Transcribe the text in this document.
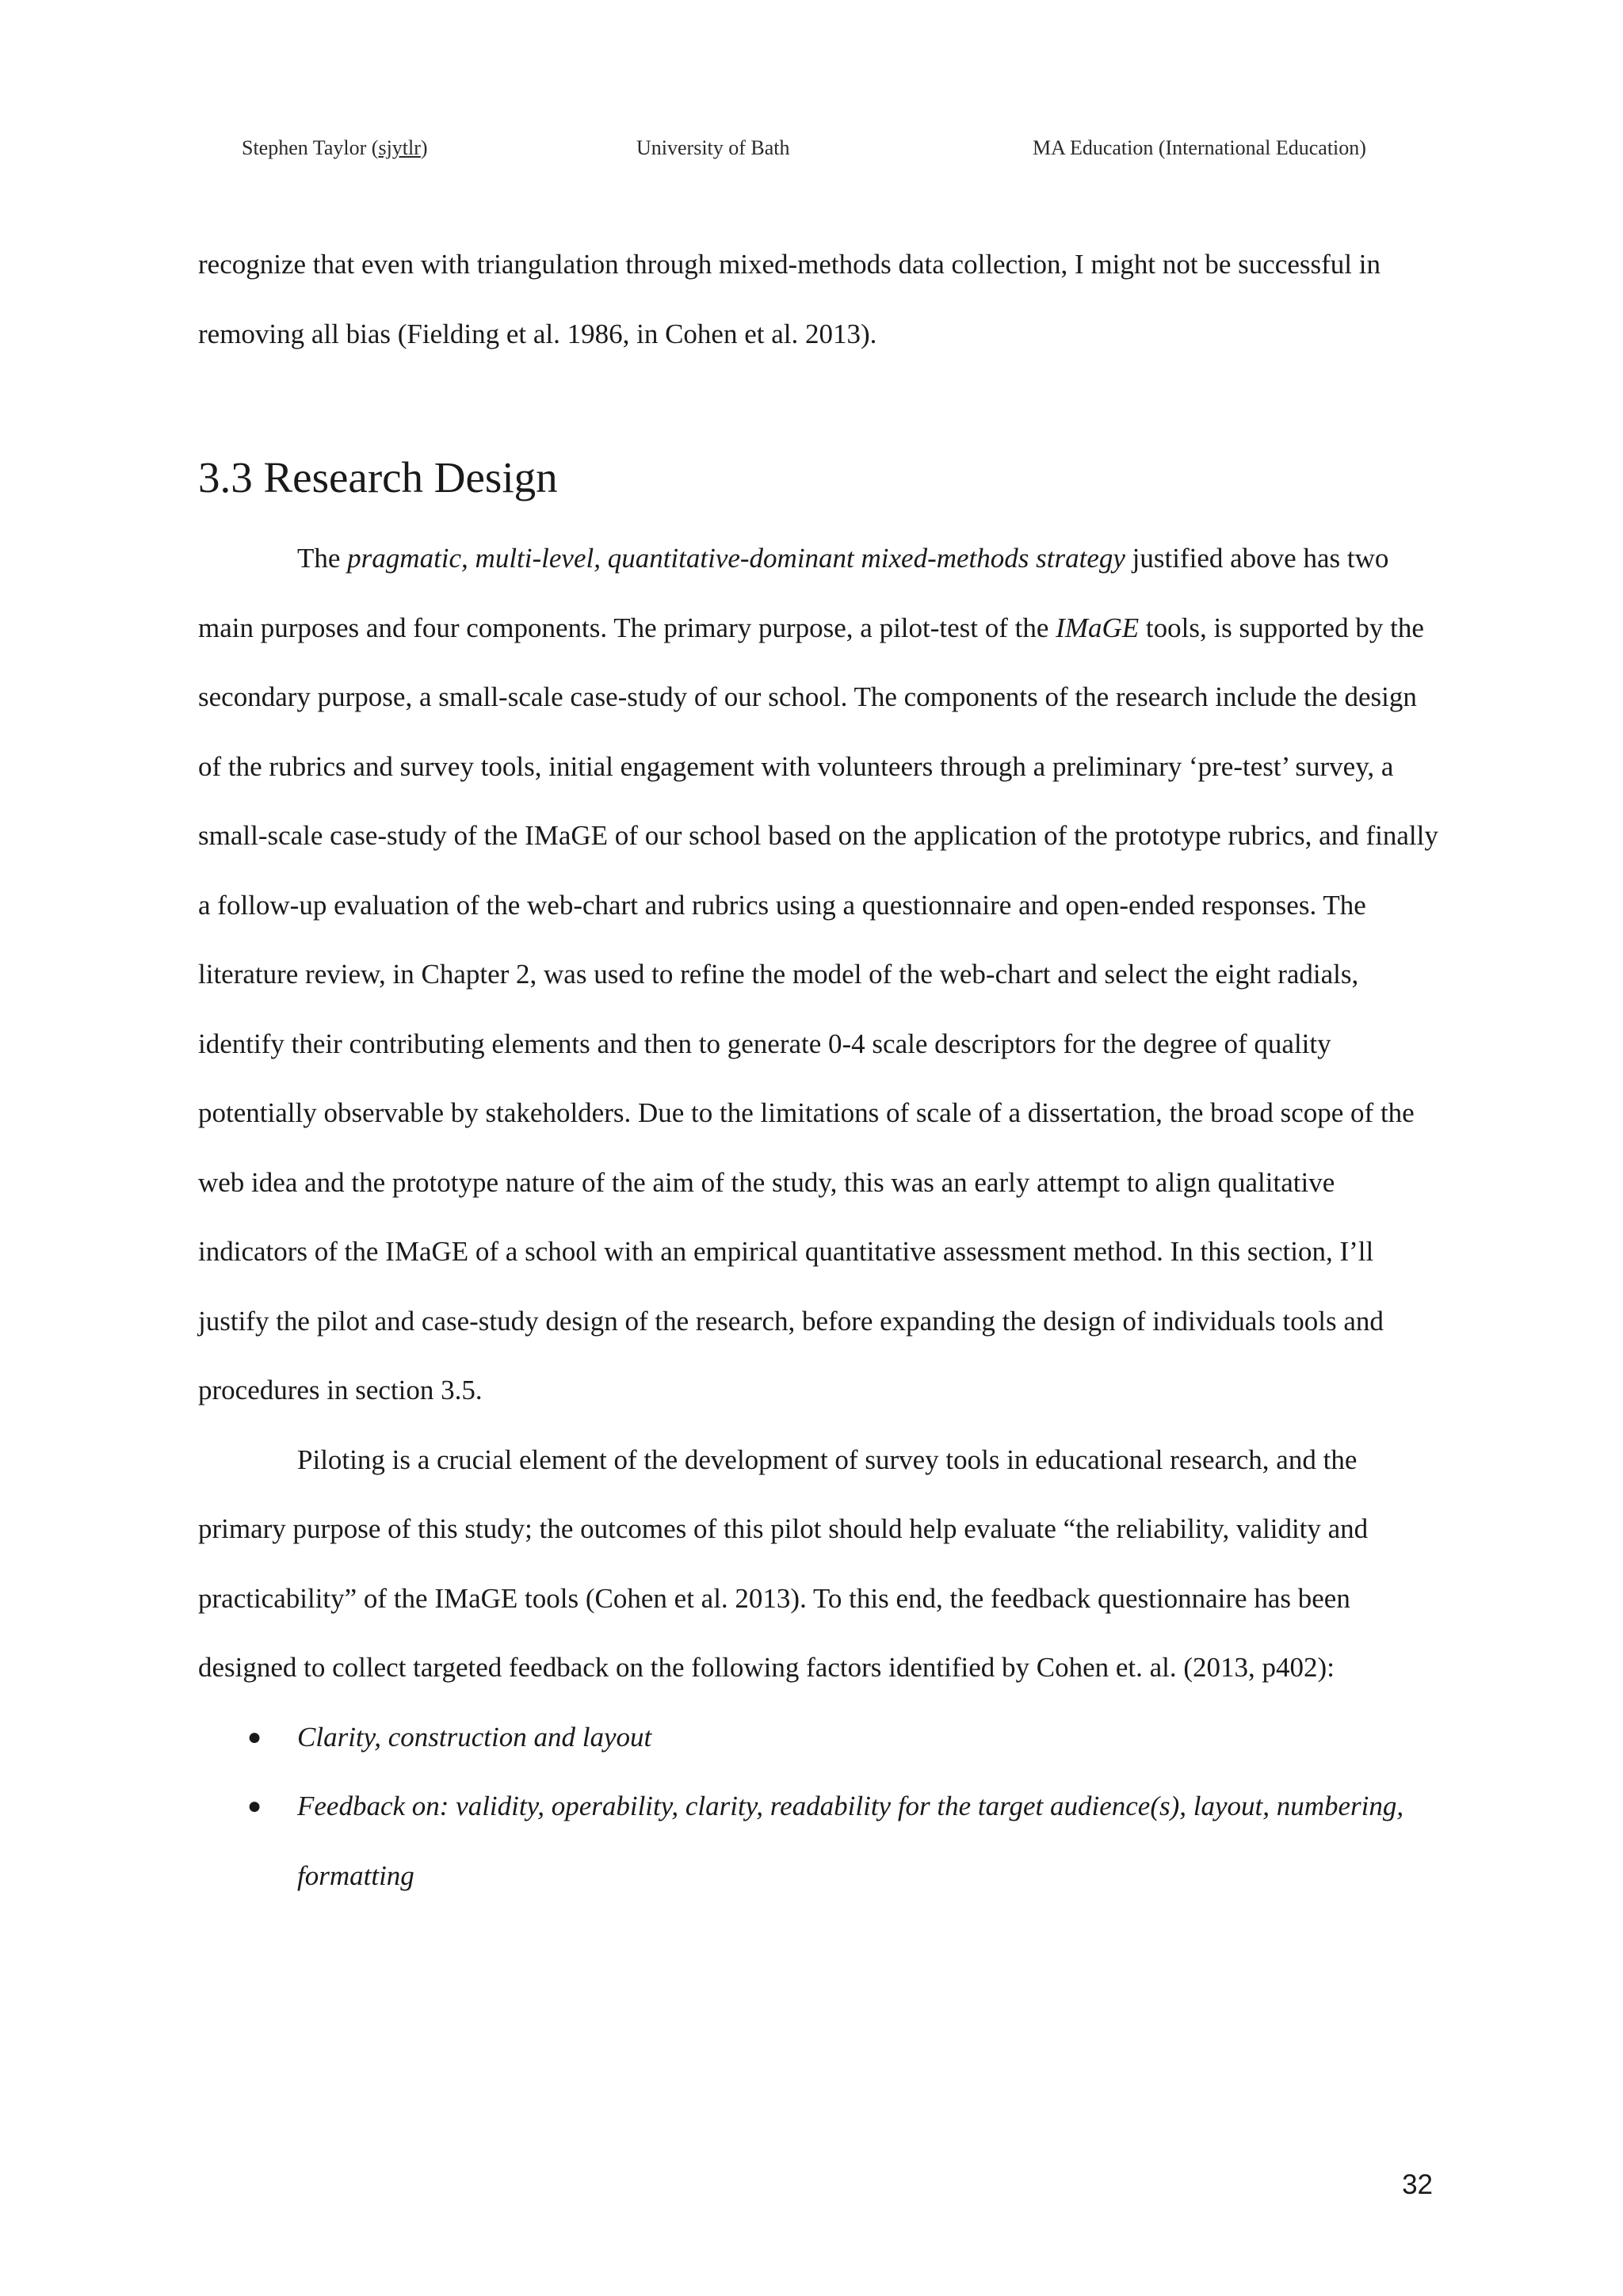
Stephen Taylor (sjytlr)	University of Bath	MA Education (International Education)

recognize that even with triangulation through mixed-methods data collection, I might not be successful in removing all bias (Fielding et al. 1986, in Cohen et al. 2013).

3.3 Research Design

The pragmatic, multi-level, quantitative-dominant mixed-methods strategy justified above has two main purposes and four components. The primary purpose, a pilot-test of the IMaGE tools, is supported by the secondary purpose, a small-scale case-study of our school. The components of the research include the design of the rubrics and survey tools, initial engagement with volunteers through a preliminary ‘pre-test’ survey, a small-scale case-study of the IMaGE of our school based on the application of the prototype rubrics, and finally a follow-up evaluation of the web-chart and rubrics using a questionnaire and open-ended responses. The literature review, in Chapter 2, was used to refine the model of the web-chart and select the eight radials, identify their contributing elements and then to generate 0-4 scale descriptors for the degree of quality potentially observable by stakeholders. Due to the limitations of scale of a dissertation, the broad scope of the web idea and the prototype nature of the aim of the study, this was an early attempt to align qualitative indicators of the IMaGE of a school with an empirical quantitative assessment method. In this section, I’ll justify the pilot and case-study design of the research, before expanding the design of individuals tools and procedures in section 3.5.

Piloting is a crucial element of the development of survey tools in educational research, and the primary purpose of this study; the outcomes of this pilot should help evaluate “the reliability, validity and practicability” of the IMaGE tools (Cohen et al. 2013). To this end, the feedback questionnaire has been designed to collect targeted feedback on the following factors identified by Cohen et. al. (2013, p402):

● Clarity, construction and layout
● Feedback on: validity, operability, clarity, readability for the target audience(s), layout, numbering, formatting
32
